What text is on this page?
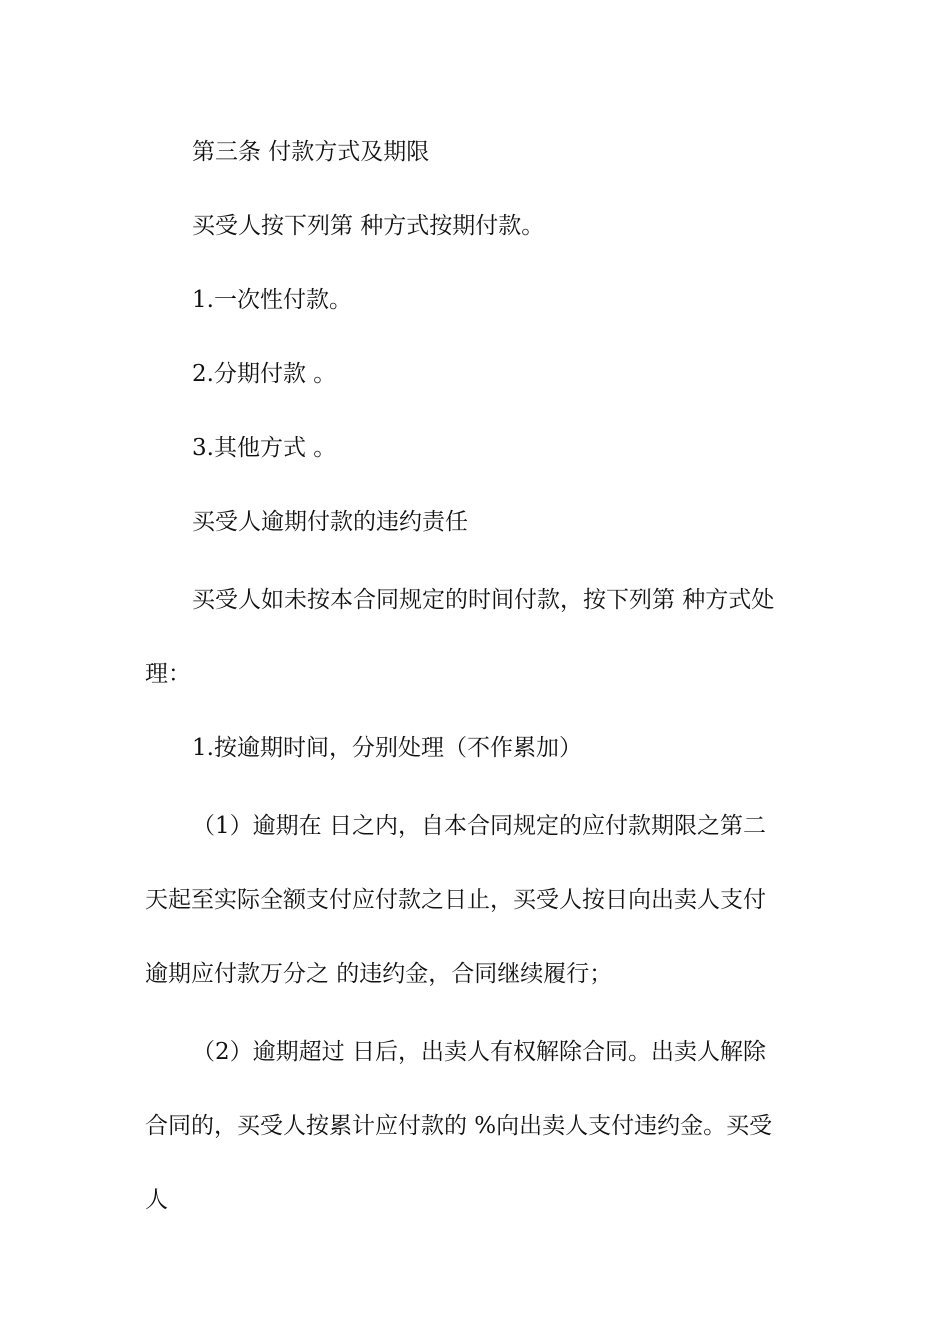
第三条 付款方式及期限
买受人按下列第 种方式按期付款。
1.一次性付款。
2.分期付款 。
3.其他方式 。
买受人逾期付款的违约责任
买受人如未按本合同规定的时间付款，按下列第 种方式处
理：
1.按逾期时间，分别处理（不作累加）
（1）逾期在 日之内，自本合同规定的应付款期限之第二
天起至实际全额支付应付款之日止，买受人按日向出卖人支付
逾期应付款万分之 的违约金，合同继续履行；
（2）逾期超过 日后，出卖人有权解除合同。出卖人解除
合同的，买受人按累计应付款的 %向出卖人支付违约金。买受
人
